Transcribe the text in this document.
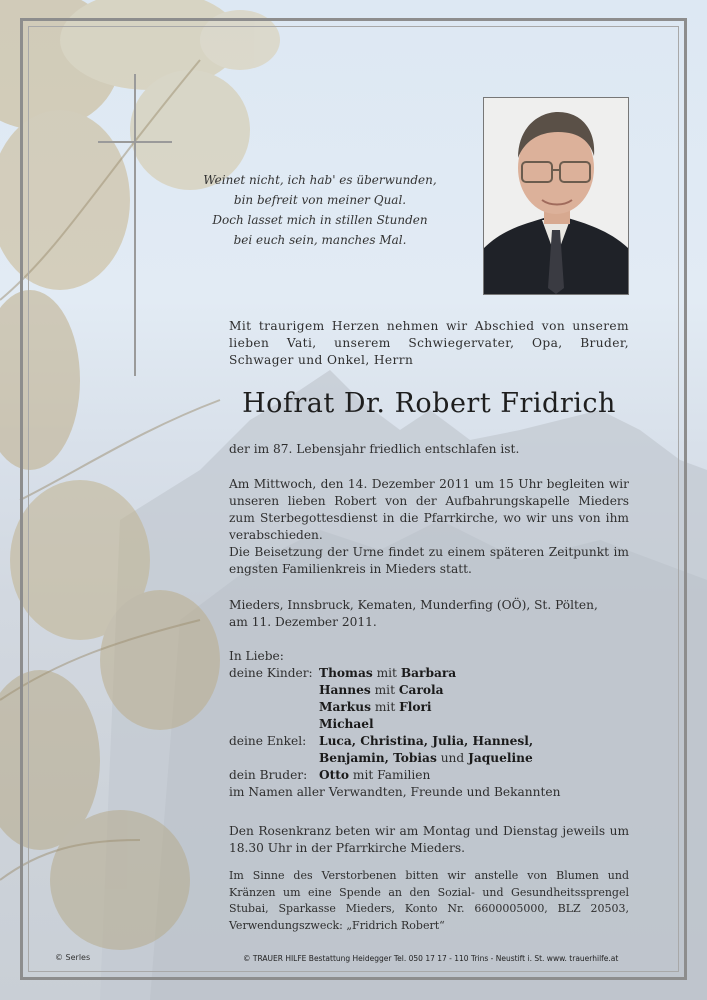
Weinet nicht, ich hab' es überwunden,
bin befreit von meiner Qual.
Doch lasset mich in stillen Stunden
bei euch sein, manches Mal.
Mit traurigem Herzen nehmen wir Abschied von unserem lieben Vati, unserem Schwiegervater, Opa, Bruder, Schwager und Onkel, Herrn
Hofrat Dr. Robert Fridrich
der im 87. Lebensjahr friedlich entschlafen ist.
Am Mittwoch, den 14. Dezember 2011 um 15 Uhr begleiten wir unseren lieben Robert von der Aufbahrungskapelle Mieders zum Sterbegottesdienst in die Pfarrkirche, wo wir uns von ihm verabschieden.
Die Beisetzung der Urne findet zu einem späteren Zeitpunkt im engsten Familienkreis in Mieders statt.
Mieders, Innsbruck, Kematen, Munderfing (OÖ), St. Pölten,
am 11. Dezember 2011.
In Liebe:
deine Kinder: Thomas mit Barbara
Hannes mit Carola
Markus mit Flori
Michael
deine Enkel:	Luca, Christina, Julia, Hannesl,
Benjamin, Tobias und Jaqueline
dein Bruder: Otto mit Familien
im Namen aller Verwandten, Freunde und Bekannten
Den Rosenkranz beten wir am Montag und Dienstag jeweils um 18.30 Uhr in der Pfarrkirche Mieders.
Im Sinne des Verstorbenen bitten wir anstelle von Blumen und Kränzen um eine Spende an den Sozial- und Gesundheitssprengel Stubai, Sparkasse Mieders, Konto Nr. 6600005000, BLZ 20503, Verwendungszweck: „Fridrich Robert“
© Serles	© TRAUER HILFE Bestattung Heidegger Tel. 050 17 17 - 110 Trins - Neustift i. St. www. trauerhilfe.at
